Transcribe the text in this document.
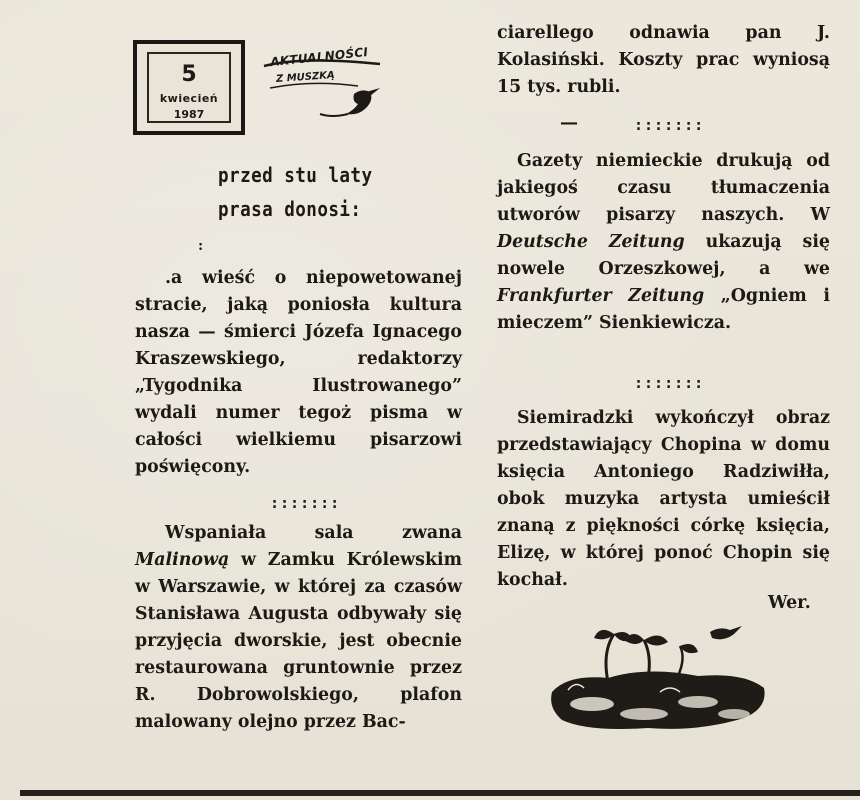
5
kwiecień
1987
AKTUALNOŚCI
Z MUSZKĄ
przed stu laty
prasa donosi:
:

.a wieść o niepowetowanej stracie, jaką poniosła kultura nasza — śmierci Józefa Ignacego Kraszewskiego, redaktorzy „Tygodnika Ilustrowanego” wydali numer tegoż pisma w całości wielkiemu pisarzowi poświęcony.

Wspaniała sala zwana Malinową w Zamku Królewskim w Warszawie, w której za czasów Stanisława Augusta odbywały się przyjęcia dworskie, jest obecnie restaurowana gruntownie przez R. Dobrowolskiego, plafon malowany olejno przez Bac-

:::::::

ciarellego odnawia pan J. Kolasiński. Koszty prac wyniosą 15 tys. rubli.

Gazety niemieckie drukują od jakiegoś czasu tłumaczenia utworów pisarzy naszych. W Deutsche Zeitung ukazują się nowele Orzeszkowej, a we Frankfurter Zeitung „Ogniem i mieczem” Sienkiewicza.

Siemiradzki wykończył obraz przedstawiający Chopina w domu księcia Antoniego Radziwiłła, obok muzyka artysta umieścił znaną z piękności córkę księcia, Elizę, w której ponoć Chopin się kochał.

—	:::::::
:::::::
Wer.
